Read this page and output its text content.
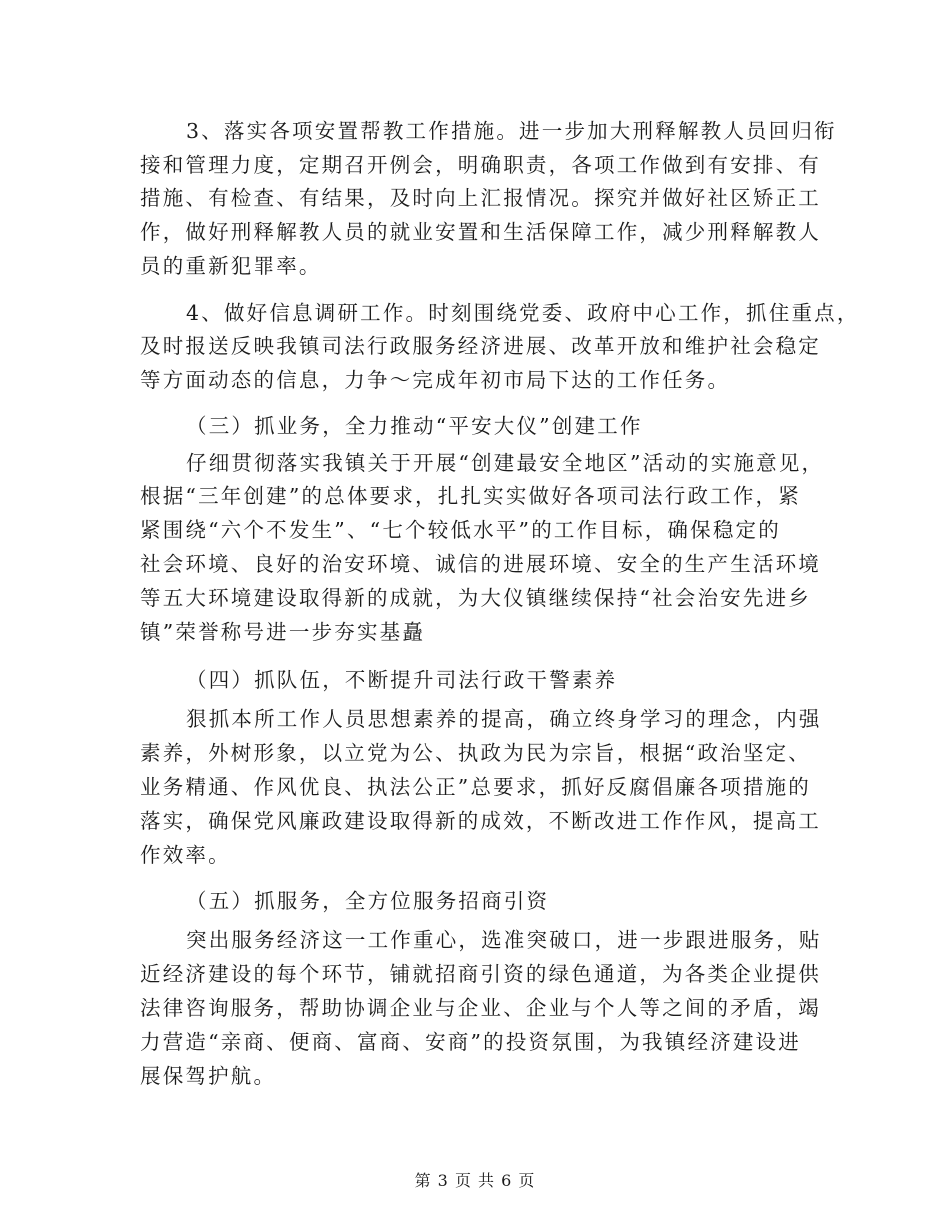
3、落实各项安置帮教工作措施。进一步加大刑释解教人员回归衔
接和管理力度，定期召开例会，明确职责，各项工作做到有安排、有
措施、有检查、有结果，及时向上汇报情况。探究并做好社区矫正工
作，做好刑释解教人员的就业安置和生活保障工作，减少刑释解教人
员的重新犯罪率。
4、做好信息调研工作。时刻围绕党委、政府中心工作，抓住重点，
及时报送反映我镇司法行政服务经济进展、改革开放和维护社会稳定
等方面动态的信息，力争～完成年初市局下达的工作任务。
（三）抓业务，全力推动“平安大仪”创建工作
仔细贯彻落实我镇关于开展“创建最安全地区”活动的实施意见，
根据“三年创建”的总体要求，扎扎实实做好各项司法行政工作，紧
紧围绕“六个不发生”、“七个较低水平”的工作目标，确保稳定的
社会环境、良好的治安环境、诚信的进展环境、安全的生产生活环境
等五大环境建设取得新的成就，为大仪镇继续保持“社会治安先进乡
镇”荣誉称号进一步夯实基矗
（四）抓队伍，不断提升司法行政干警素养
狠抓本所工作人员思想素养的提高，确立终身学习的理念，内强
素养，外树形象，以立党为公、执政为民为宗旨，根据“政治坚定、
业务精通、作风优良、执法公正”总要求，抓好反腐倡廉各项措施的
落实，确保党风廉政建设取得新的成效，不断改进工作作风，提高工
作效率。
（五）抓服务，全方位服务招商引资
突出服务经济这一工作重心，选准突破口，进一步跟进服务，贴
近经济建设的每个环节，铺就招商引资的绿色通道，为各类企业提供
法律咨询服务，帮助协调企业与企业、企业与个人等之间的矛盾，竭
力营造“亲商、便商、富商、安商”的投资氛围，为我镇经济建设进
展保驾护航。
第 3 页 共 6 页
